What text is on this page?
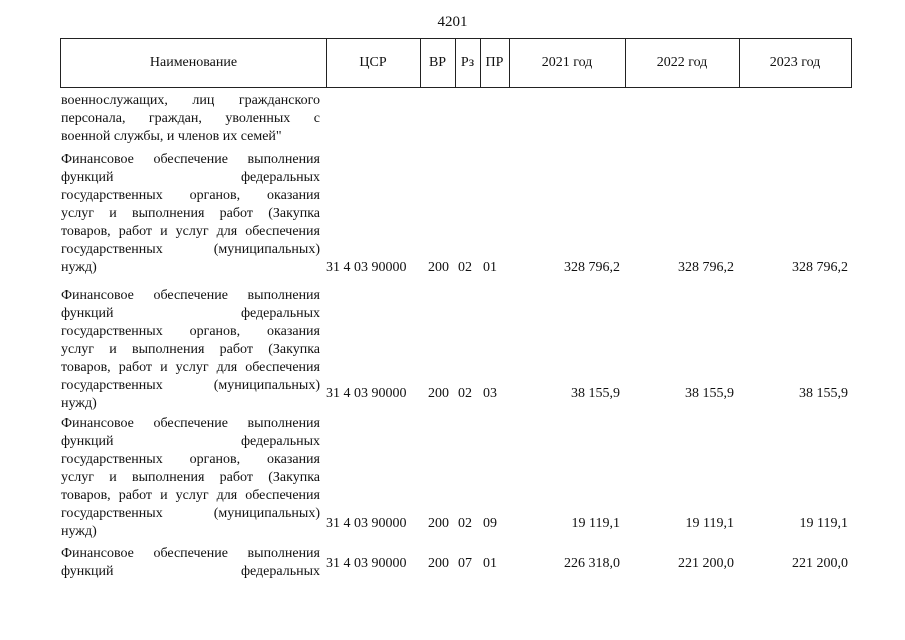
4201
Наименование	ЦСР	ВР	Рз ПР	2021 год	2022 год	2023 год
военнослужащих, лиц гражданского
персонала, граждан, уволенных с
военной службы, и членов их семей"
Финансовое обеспечение выполнения
функций федеральных
государственных органов, оказания
услуг и выполнения работ (Закупка
товаров, работ и услуг для обеспечения
государственных (муниципальных)
нужд)	31 4 03 90000 200 02 01	328 796,2	328 796,2	328 796,2
Финансовое обеспечение выполнения
функций федеральных
государственных органов, оказания
услуг и выполнения работ (Закупка
товаров, работ и услуг для обеспечения
государственных (муниципальных)
нужд)
31 4 03 90000 200 02 03	38 155,9	38 155,9	38 155,9
Финансовое обеспечение выполнения
функций федеральных
государственных органов, оказания
услуг и выполнения работ (Закупка
товаров, работ и услуг для обеспечения
государственных (муниципальных)
нужд)
31 4 03 90000 200 02 09	19 119,1	19 119,1	19 119,1
Финансовое обеспечение выполнения
функций федеральных
31 4 03 90000 200 07 01	226 318,0	221 200,0	221 200,0
